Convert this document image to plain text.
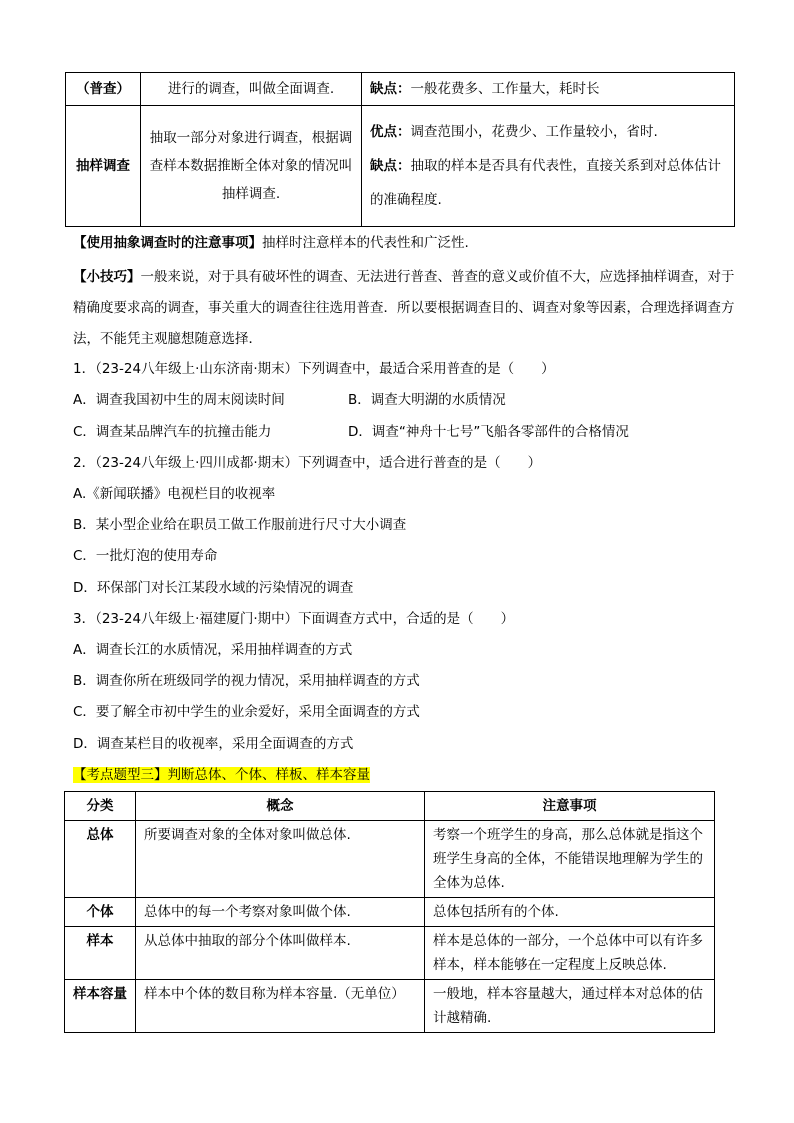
（普查）	进行的调查，叫做全面调查.	缺点：一般花费多、工作量大，耗时长
抽样调查	抽取一部分对象进行调查，根据调查样本数据推断全体对象的情况叫抽样调查.	优点：调查范围小，花费少、工作量较小，省时.
缺点：抽取的样本是否具有代表性，直接关系到对总体估计的准确程度.
【使用抽象调查时的注意事项】抽样时注意样本的代表性和广泛性.
【小技巧】一般来说，对于具有破坏性的调查、无法进行普查、普查的意义或价值不大，应选择抽样调查，对于精确度要求高的调查，事关重大的调查往往选用普查．所以要根据调查目的、调查对象等因素，合理选择调查方法，不能凭主观臆想随意选择．
1．（23-24八年级上·山东济南·期末）下列调查中，最适合采用普查的是（　　）
A．调查我国初中生的周末阅读时间	B．调查大明湖的水质情况
C．调查某品牌汽车的抗撞击能力	D．调查“神舟十七号”飞船各零部件的合格情况
2．（23-24八年级上·四川成都·期末）下列调查中，适合进行普查的是（　　）
A.《新闻联播》电视栏目的收视率
B．某小型企业给在职员工做工作服前进行尺寸大小调查
C．一批灯泡的使用寿命
D．环保部门对长江某段水域的污染情况的调查
3．（23-24八年级上·福建厦门·期中）下面调查方式中，合适的是（　　）
A．调查长江的水质情况，采用抽样调查的方式
B．调查你所在班级同学的视力情况，采用抽样调查的方式
C．要了解全市初中学生的业余爱好，采用全面调查的方式
D．调查某栏目的收视率，采用全面调查的方式
【考点题型三】判断总体、个体、样板、样本容量
分类	概念	注意事项
总体	所要调查对象的全体对象叫做总体.	考察一个班学生的身高，那么总体就是指这个班学生身高的全体，不能错误地理解为学生的全体为总体.
个体	总体中的每一个考察对象叫做个体.	总体包括所有的个体.
样本	从总体中抽取的部分个体叫做样本.	样本是总体的一部分，一个总体中可以有许多样本，样本能够在一定程度上反映总体.
样本容量	样本中个体的数目称为样本容量.（无单位）	一般地，样本容量越大，通过样本对总体的估计越精确.
